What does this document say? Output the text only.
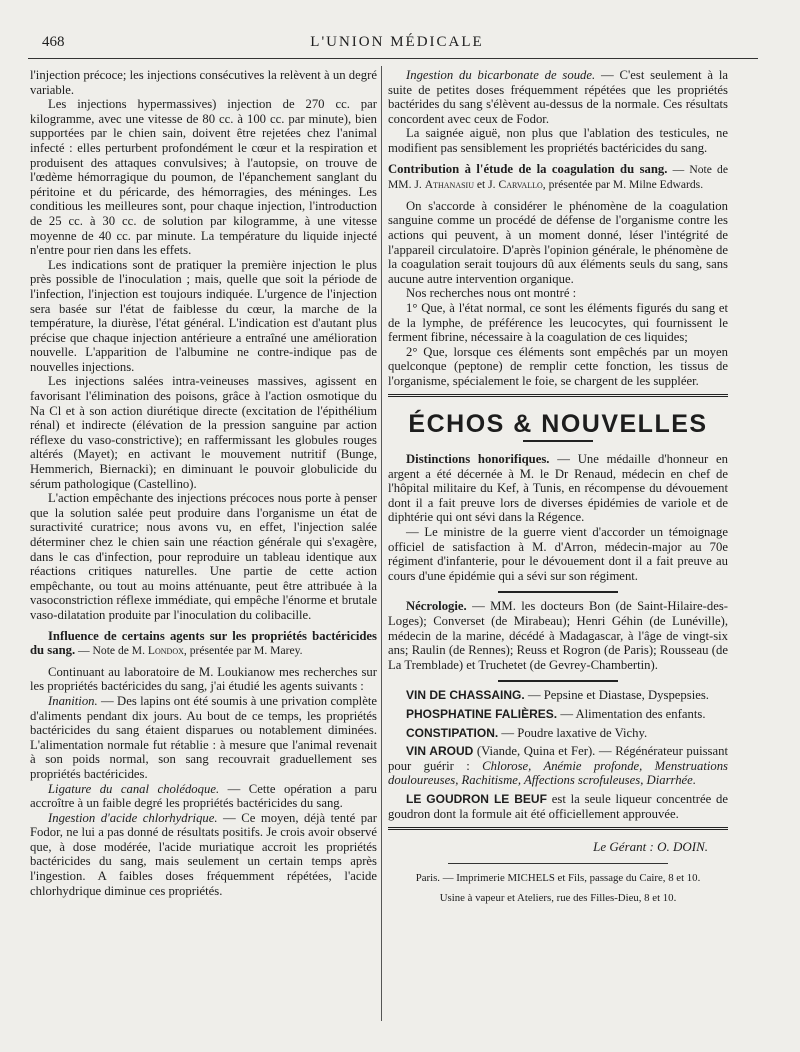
468	L'UNION MÉDICALE

l'injection précoce; les injections consécutives la relèvent à un degré variable.

Les injections hypermassives) injection de 270 cc. par kilogramme, avec une vitesse de 80 cc. à 100 cc. par minute), bien supportées par le chien sain, doivent être rejetées chez l'animal infecté : elles perturbent profondément le cœur et la respiration et produisent des attaques convulsives; à l'autopsie, on trouve de l'œdème hémorragique du poumon, de l'épanchement sanglant du péritoine et du péricarde, des hémorragies, des méninges. Les conditious les meilleures sont, pour chaque injection, l'introduction de 25 cc. à 30 cc. de solution par kilogramme, à une vitesse moyenne de 40 cc. par minute. La température du liquide injecté n'entre pour rien dans les effets.

Les indications sont de pratiquer la première injection le plus près possible de l'inoculation ; mais, quelle que soit la période de l'infection, l'injection est toujours indiquée. L'urgence de l'injection sera basée sur l'état de faiblesse du cœur, la marche de la température, la diurèse, l'état général. L'indication est d'autant plus précise que chaque injection antérieure a entraîné une amélioration nouvelle. L'apparition de l'albumine ne contre-indique pas de nouvelles injections.

Les injections salées intra-veineuses massives, agissent en favorisant l'élimination des poisons, grâce à l'action osmotique du Na Cl et à son action diurétique directe (excitation de l'épithélium rénal) et indirecte (élévation de la pression sanguine par action réflexe du vaso-constrictive); en raffermissant les globules rouges altérés (Mayet); en activant le mouvement nutritif (Bunge, Hemmerich, Biernacki); en diminuant le pouvoir globulicide du sérum pathologique (Castellino).

L'action empêchante des injections précoces nous porte à penser que la solution salée peut produire dans l'organisme un état de suractivité curatrice; nous avons vu, en effet, l'injection salée déterminer chez le chien sain une réaction générale qui s'exagère, dans le cas d'infection, pour reproduire un tableau identique aux réactions critiques naturelles. Une partie de cette action empêchante, ou tout au moins atténuante, peut être attribuée à la vasoconstriction réflexe immédiate, qui empêche l'énorme et brutale vaso-dilatation produite par l'inoculation du colibacille.

Influence de certains agents sur les propriétés bactéricides du sang. — Note de M. Londox, présentée par M. Marey.

Continuant au laboratoire de M. Loukianow mes recherches sur les propriétés bactéricides du sang, j'ai étudié les agents suivants :

Inanition. — Des lapins ont été soumis à une privation complète d'aliments pendant dix jours. Au bout de ce temps, les propriétés bactéricides du sang étaient disparues ou notablement diminées. L'alimentation normale fut rétablie : à mesure que l'animal revenait à son poids normal, son sang recouvrait graduellement ses propriétés bactéricides.

Ligature du canal cholédoque. — Cette opération a paru accroître à un faible degré les propriétés bactéricides du sang.

Ingestion d'acide chlorhydrique. — Ce moyen, déjà tenté par Fodor, ne lui a pas donné de résultats positifs. Je crois avoir observé que, à dose modérée, l'acide muriatique accroit les propriétés bactéricides du sang, mais seulement un certain temps après l'ingestion. A faibles doses fréquemment répétées, l'acide chlorhydrique diminue ces propriétés.

Ingestion du bicarbonate de soude. — C'est seulement à la suite de petites doses fréquemment répétées que les propriétés bactérides du sang s'élèvent au-dessus de la normale. Ces résultats concordent avec ceux de Fodor.

La saignée aiguë, non plus que l'ablation des testicules, ne modifient pas sensiblement les propriétés bactéricides du sang.

Contribution à l'étude de la coagulation du sang. — Note de MM. J. Athanasiu et J. Carvallo, présentée par M. Milne Edwards.

On s'accorde à considérer le phénomène de la coagulation sanguine comme un procédé de défense de l'organisme contre les actions qui peuvent, à un moment donné, léser l'intégrité de l'appareil circulatoire. D'après l'opinion générale, le phénomène de la coagulation serait toujours dû aux éléments seuls du sang, sans aucune autre intervention organique.

Nos recherches nous ont montré :

1° Que, à l'état normal, ce sont les éléments figurés du sang et de la lymphe, de préférence les leucocytes, qui fournissent le ferment fibrine, nécessaire à la coagulation de ces liquides;

2° Que, lorsque ces éléments sont empêchés par un moyen quelconque (peptone) de remplir cette fonction, les tissus de l'organisme, spécialement le foie, se chargent de les suppléer.

ÉCHOS & NOUVELLES

Distinctions honorifiques. — Une médaille d'honneur en argent a été décernée à M. le Dr Renaud, médecin en chef de l'hôpital militaire du Kef, à Tunis, en récompense du dévouement dont il a fait preuve lors de diverses épidémies de variole et de diphtérie qui ont sévi dans la Régence.

— Le ministre de la guerre vient d'accorder un témoignage officiel de satisfaction à M. d'Arron, médecin-major au 70e régiment d'infanterie, pour le dévouement dont il a fait preuve au cours d'une épidémie qui a sévi sur son régiment.

Nécrologie. — MM. les docteurs Bon (de Saint-Hilaire-des-Loges); Converset (de Mirabeau); Henri Géhin (de Lunéville), médecin de la marine, décédé à Madagascar, à l'âge de vingt-six ans; Raulin (de Rennes); Reuss et Rogron (de Paris); Rousseau (de La Tremblade) et Truchetet (de Gevrey-Chambertin).

VIN DE CHASSAING. — Pepsine et Diastase, Dyspepsies.

PHOSPHATINE FALIÈRES. — Alimentation des enfants.

CONSTIPATION. — Poudre laxative de Vichy.

VIN AROUD (Viande, Quina et Fer). — Régénérateur puissant pour guérir : Chlorose, Anémie profonde, Menstruations douloureuses, Rachitisme, Affections scrofuleuses, Diarrhée.

LE GOUDRON LE BEUF est la seule liqueur concentrée de goudron dont la formule ait été officiellement approuvée.

Le Gérant : O. DOIN.
Paris. — Imprimerie MICHELS et Fils, passage du Caire, 8 et 10.
Usine à vapeur et Ateliers, rue des Filles-Dieu, 8 et 10.
